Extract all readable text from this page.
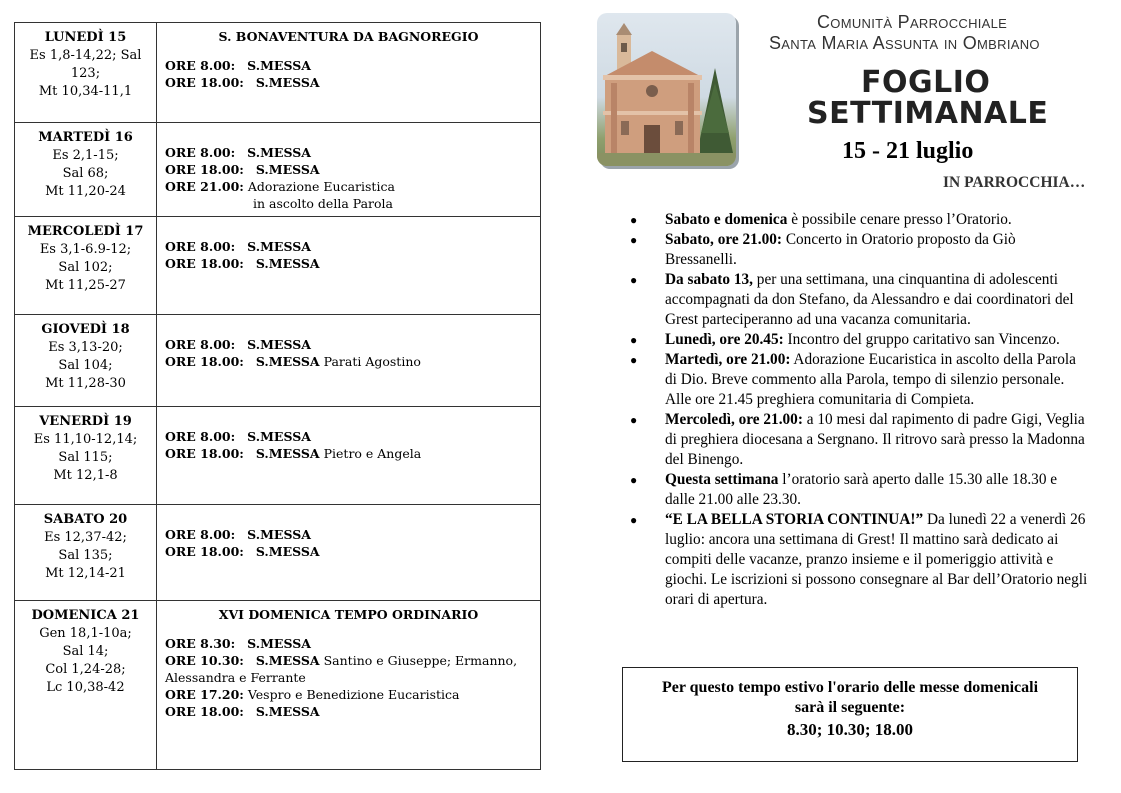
LUNEDÌ 15
Es 1,8-14,22; Sal
123;
Mt 10,34-11,1	S. BONAVENTURA DA BAGNOREGIO
ORE 8.00: S.MESSA
ORE 18.00: S.MESSA

MARTEDÌ 16
Es 2,1-15;
Sal 68;
Mt 11,20-24	ORE 8.00: S.MESSA
ORE 18.00: S.MESSA
ORE 21.00: Adorazione Eucaristica
in ascolto della Parola

MERCOLEDÌ 17
Es 3,1-6.9-12;
Sal 102;
Mt 11,25-27	ORE 8.00: S.MESSA
ORE 18.00: S.MESSA

GIOVEDÌ 18
Es 3,13-20;
Sal 104;
Mt 11,28-30	ORE 8.00: S.MESSA
ORE 18.00: S.MESSA Parati Agostino

VENERDÌ 19
Es 11,10-12,14;
Sal 115;
Mt 12,1-8	ORE 8.00: S.MESSA
ORE 18.00: S.MESSA Pietro e Angela

SABATO 20
Es 12,37-42;
Sal 135;
Mt 12,14-21	ORE 8.00: S.MESSA
ORE 18.00: S.MESSA

DOMENICA 21
Gen 18,1-10a;
Sal 14;
Col 1,24-28;
Lc 10,38-42	XVI DOMENICA TEMPO ORDINARIO
ORE 8.30: S.MESSA
ORE 10.30: S.MESSA Santino e Giuseppe; Ermanno, Alessandra e Ferrante
ORE 17.20: Vespro e Benedizione Eucaristica
ORE 18.00: S.MESSA
Comunità Parrocchiale
Santa Maria Assunta in Ombriano
FOGLIO
SETTIMANALE
15 - 21 luglio
IN PARROCCHIA…
● Sabato e domenica è possibile cenare presso l’Oratorio.
● Sabato, ore 21.00: Concerto in Oratorio proposto da Giò Bressanelli.
● Da sabato 13, per una settimana, una cinquantina di adolescenti accompagnati da don Stefano, da Alessandro e dai coordinatori del Grest parteciperanno ad una vacanza comunitaria.
● Lunedì, ore 20.45: Incontro del gruppo caritativo san Vincenzo.
● Martedì, ore 21.00: Adorazione Eucaristica in ascolto della Parola di Dio. Breve commento alla Parola, tempo di silenzio personale. Alle ore 21.45 preghiera comunitaria di Compieta.
● Mercoledì, ore 21.00: a 10 mesi dal rapimento di padre Gigi, Veglia di preghiera diocesana a Sergnano. Il ritrovo sarà presso la Madonna del Binengo.
● Questa settimana l’oratorio sarà aperto dalle 15.30 alle 18.30 e dalle 21.00 alle 23.30.
● “E LA BELLA STORIA CONTINUA!” Da lunedì 22 a venerdì 26 luglio: ancora una settimana di Grest! Il mattino sarà dedicato ai compiti delle vacanze, pranzo insieme e il pomeriggio attività e giochi. Le iscrizioni si possono consegnare al Bar dell’Oratorio negli orari di apertura.
Per questo tempo estivo l'orario delle messe domenicali
sarà il seguente:
8.30; 10.30; 18.00
